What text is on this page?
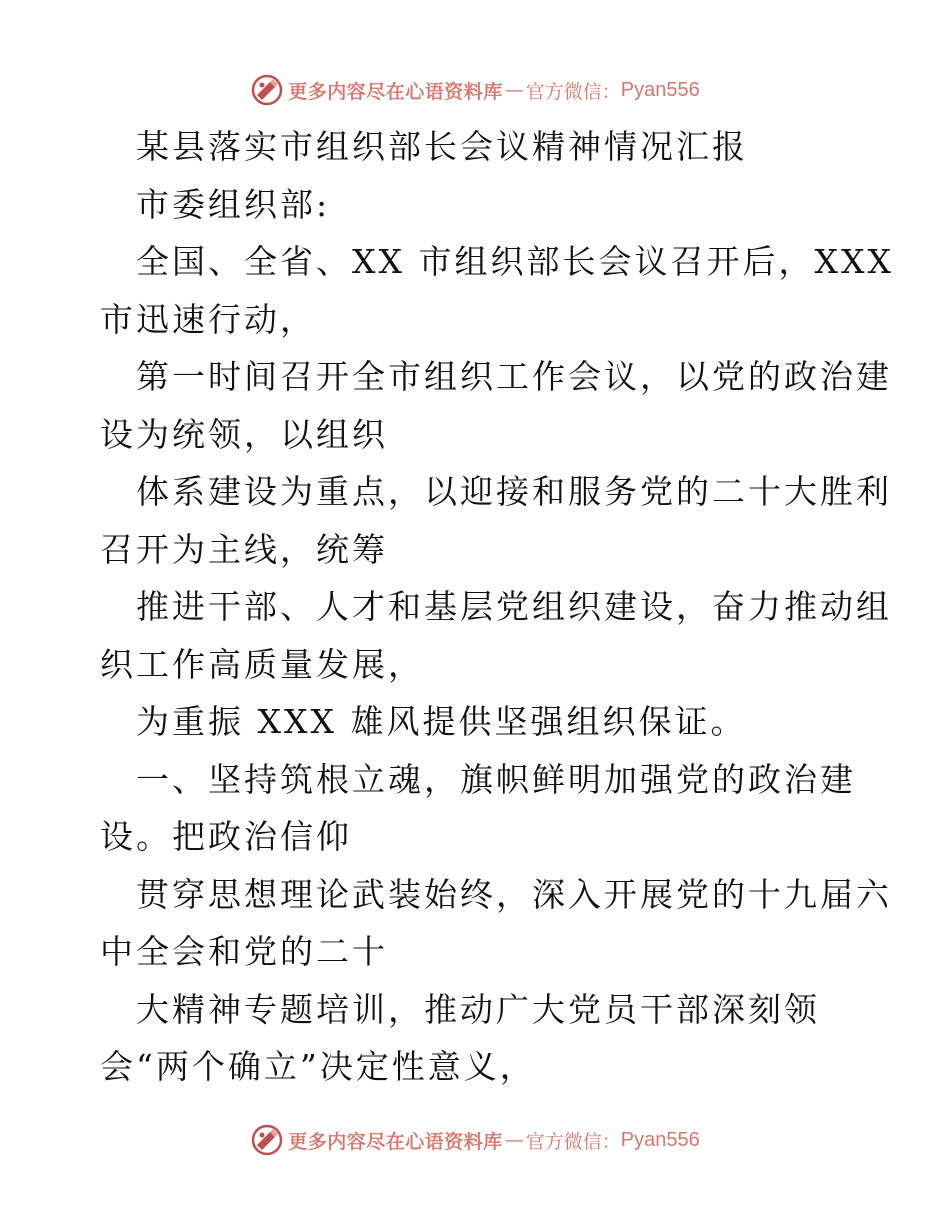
更多内容尽在心语资料库 — 官方微信： Pyan556
某县落实市组织部长会议精神情况汇报
市委组织部:
全国、全省、XX 市组织部长会议召开后，XXX
市迅速行动，
第一时间召开全市组织工作会议，以党的政治建
设为统领，以组织
体系建设为重点，以迎接和服务党的二十大胜利
召开为主线，统筹
推进干部、人才和基层党组织建设，奋力推动组
织工作高质量发展，
为重振 XXX 雄风提供坚强组织保证。
一、坚持筑根立魂，旗帜鲜明加强党的政治建
设。把政治信仰
贯穿思想理论武装始终，深入开展党的十九届六
中全会和党的二十
大精神专题培训，推动广大党员干部深刻领
会“两个确立”决定性意义，
更多内容尽在心语资料库 — 官方微信： Pyan556
